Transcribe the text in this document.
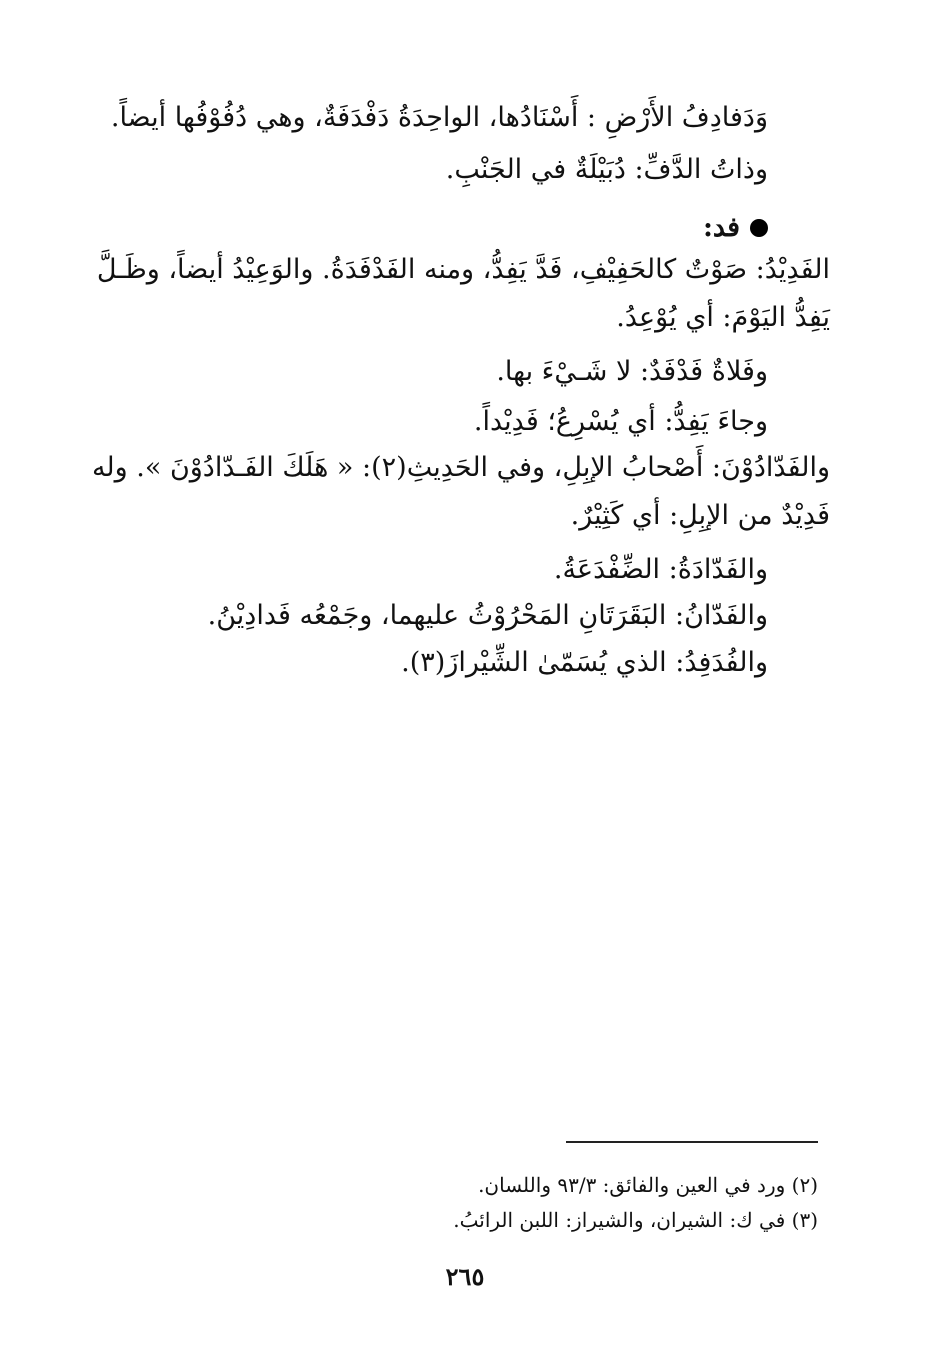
وَدَفادِفُ الأَرْضِ : أَسْنَادُها، الواحِدَةُ دَفْدَفَةٌ، وهي دُفُوْفُها أيضاً.
وذاتُ الدَّفِّ: دُبَيْلَةٌ في الجَنْبِ.
فد:
الفَدِيْدُ: صَوْتٌ كالحَفِيْفِ، فَدَّ يَفِدُّ، ومنه الفَدْفَدَةُ. والوَعِيْدُ أيضاً، وظَـلَّ
يَفِدُّ اليَوْمَ: أي يُوْعِدُ.
وفَلاةٌ فَدْفَدٌ: لا شَـيْءَ بها.
وجاءَ يَفِدُّ: أي يُسْرِعُ؛ فَدِيْداً.
والفَدّادُوْنَ: أَصْحابُ الإبِلِ، وفي الحَدِيثِ(٢): « هَلَكَ الفَـدّادُوْنَ ». وله
فَدِيْدٌ من الإبِلِ: أي كَثِيْرٌ.
والفَدّادَةُ: الضِّفْدَعَةُ.
والفَدّانُ: البَقَرَتَانِ المَحْرُوْثُ عليهما، وجَمْعُه فَدادِيْنُ.
والفُدَفِدُ: الذي يُسَمّىٰ الشِّيْرازَ(٣).
(٢) ورد في العين والفائق: ٩٣/٣ واللسان.
(٣) في ك: الشيران، والشيراز: اللبن الرائبُ.
٢٦٥
